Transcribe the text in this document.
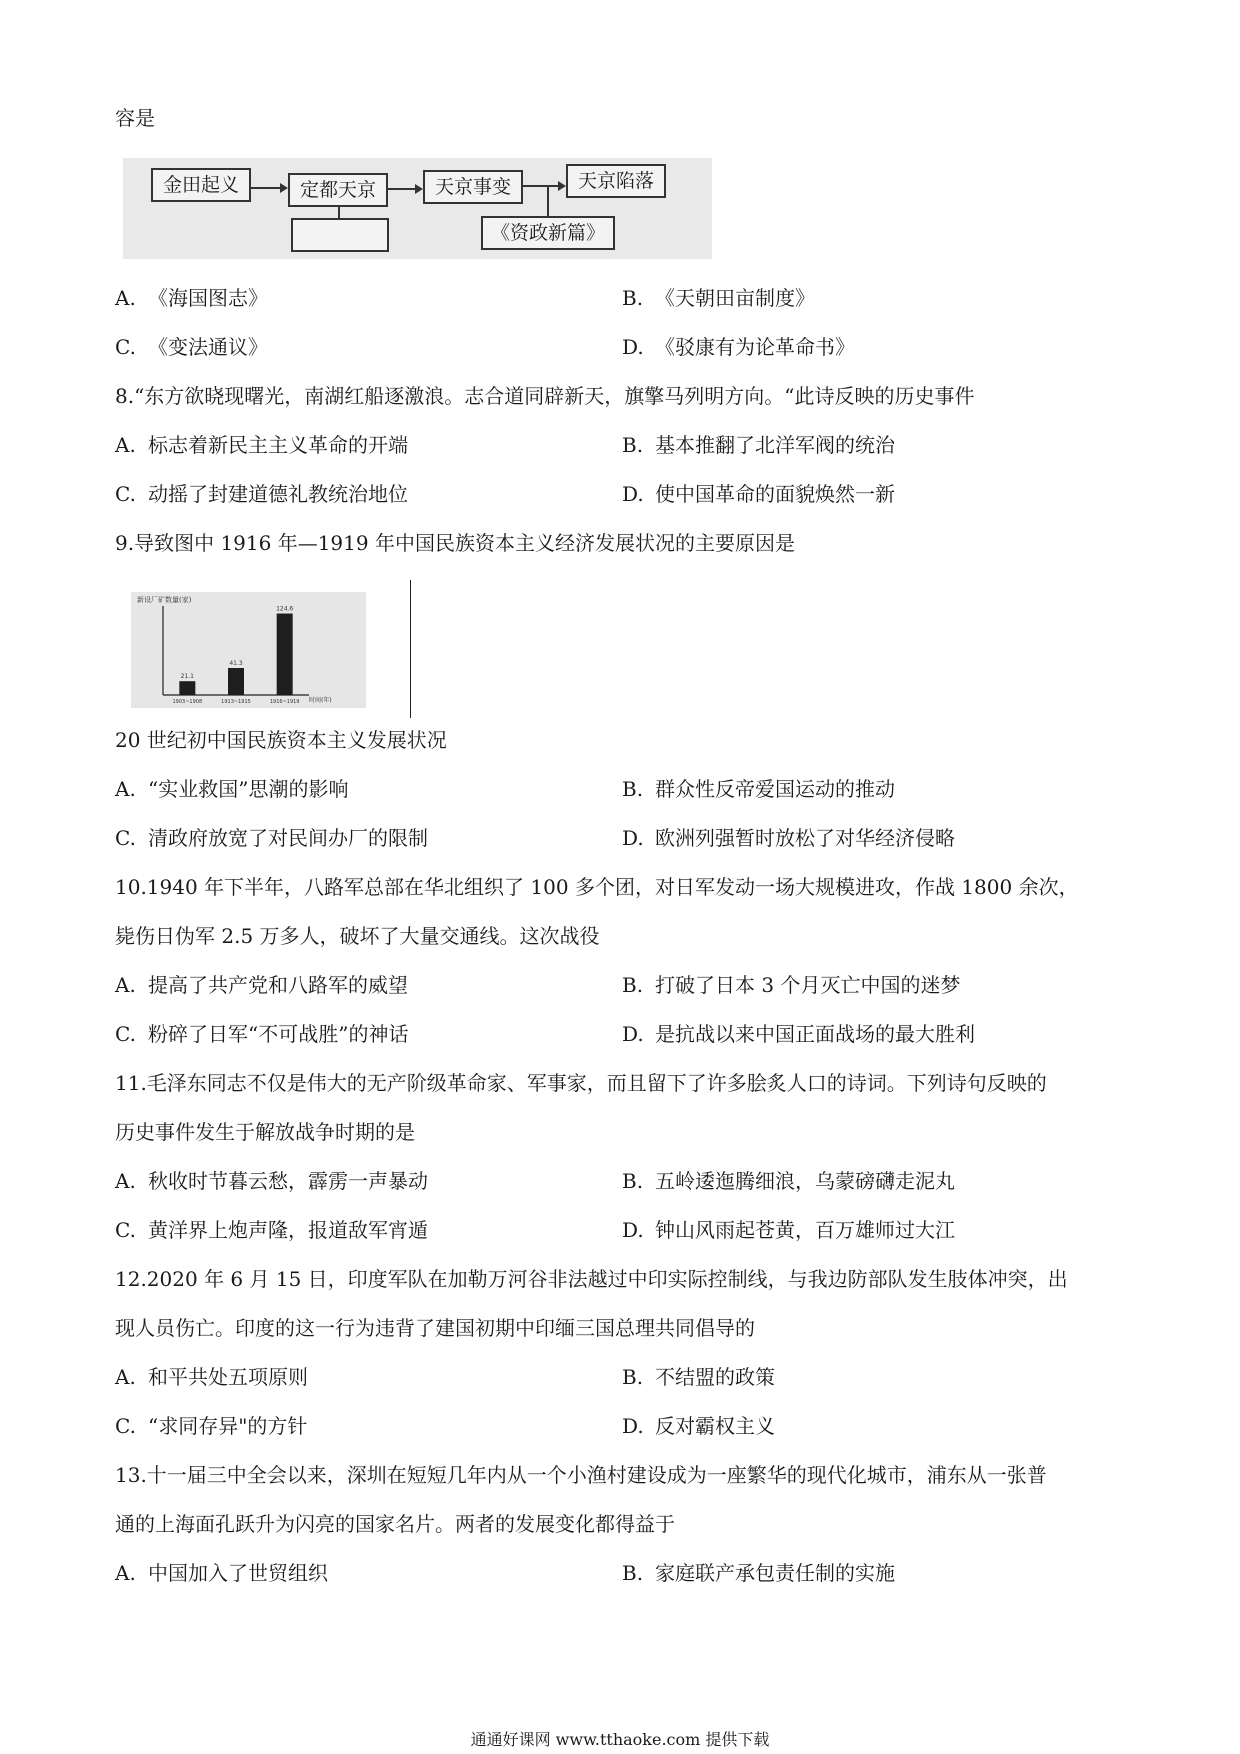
容是
金田起义	定都天京	天京事变	天京陷落
《资政新篇》
A. 《海国图志》	B. 《天朝田亩制度》
C. 《变法通议》	D. 《驳康有为论革命书》
8.“东方欲晓现曙光，南湖红船逐激浪。志合道同辟新天，旗擎马列明方向。“此诗反映的历史事件
A. 标志着新民主主义革命的开端	B. 基本推翻了北洋军阀的统治
C. 动摇了封建道德礼教统治地位	D. 使中国革命的面貌焕然一新
9.导致图中 1916 年—1919 年中国民族资本主义经济发展状况的主要原因是
新设厂矿数量(家)
时间(年)
21.1
1903~1908
41.3
1913~1915
124.6
1916~1919
20 世纪初中国民族资本主义发展状况
A. “实业救国”思潮的影响	B. 群众性反帝爱国运动的推动
C. 清政府放宽了对民间办厂的限制	D. 欧洲列强暂时放松了对华经济侵略
10.1940 年下半年，八路军总部在华北组织了 100 多个团，对日军发动一场大规模进攻，作战 1800 余次，
毙伤日伪军 2.5 万多人，破坏了大量交通线。这次战役
A. 提高了共产党和八路军的威望	B. 打破了日本 3 个月灭亡中国的迷梦
C. 粉碎了日军“不可战胜”的神话	D. 是抗战以来中国正面战场的最大胜利
11.毛泽东同志不仅是伟大的无产阶级革命家、军事家，而且留下了许多脍炙人口的诗词。下列诗句反映的
历史事件发生于解放战争时期的是
A. 秋收时节暮云愁，霹雳一声暴动	B. 五岭逶迤腾细浪，乌蒙磅礴走泥丸
C. 黄洋界上炮声隆，报道敌军宵遁	D. 钟山风雨起苍黄，百万雄师过大江
12.2020 年 6 月 15 日，印度军队在加勒万河谷非法越过中印实际控制线，与我边防部队发生肢体冲突，出
现人员伤亡。印度的这一行为违背了建国初期中印缅三国总理共同倡导的
A. 和平共处五项原则	B. 不结盟的政策
C. “求同存异"的方针	D. 反对霸权主义
13.十一届三中全会以来，深圳在短短几年内从一个小渔村建设成为一座繁华的现代化城市，浦东从一张普
通的上海面孔跃升为闪亮的国家名片。两者的发展变化都得益于
A. 中国加入了世贸组织	B. 家庭联产承包责任制的实施
通通好课网 www.tthaoke.com 提供下载
